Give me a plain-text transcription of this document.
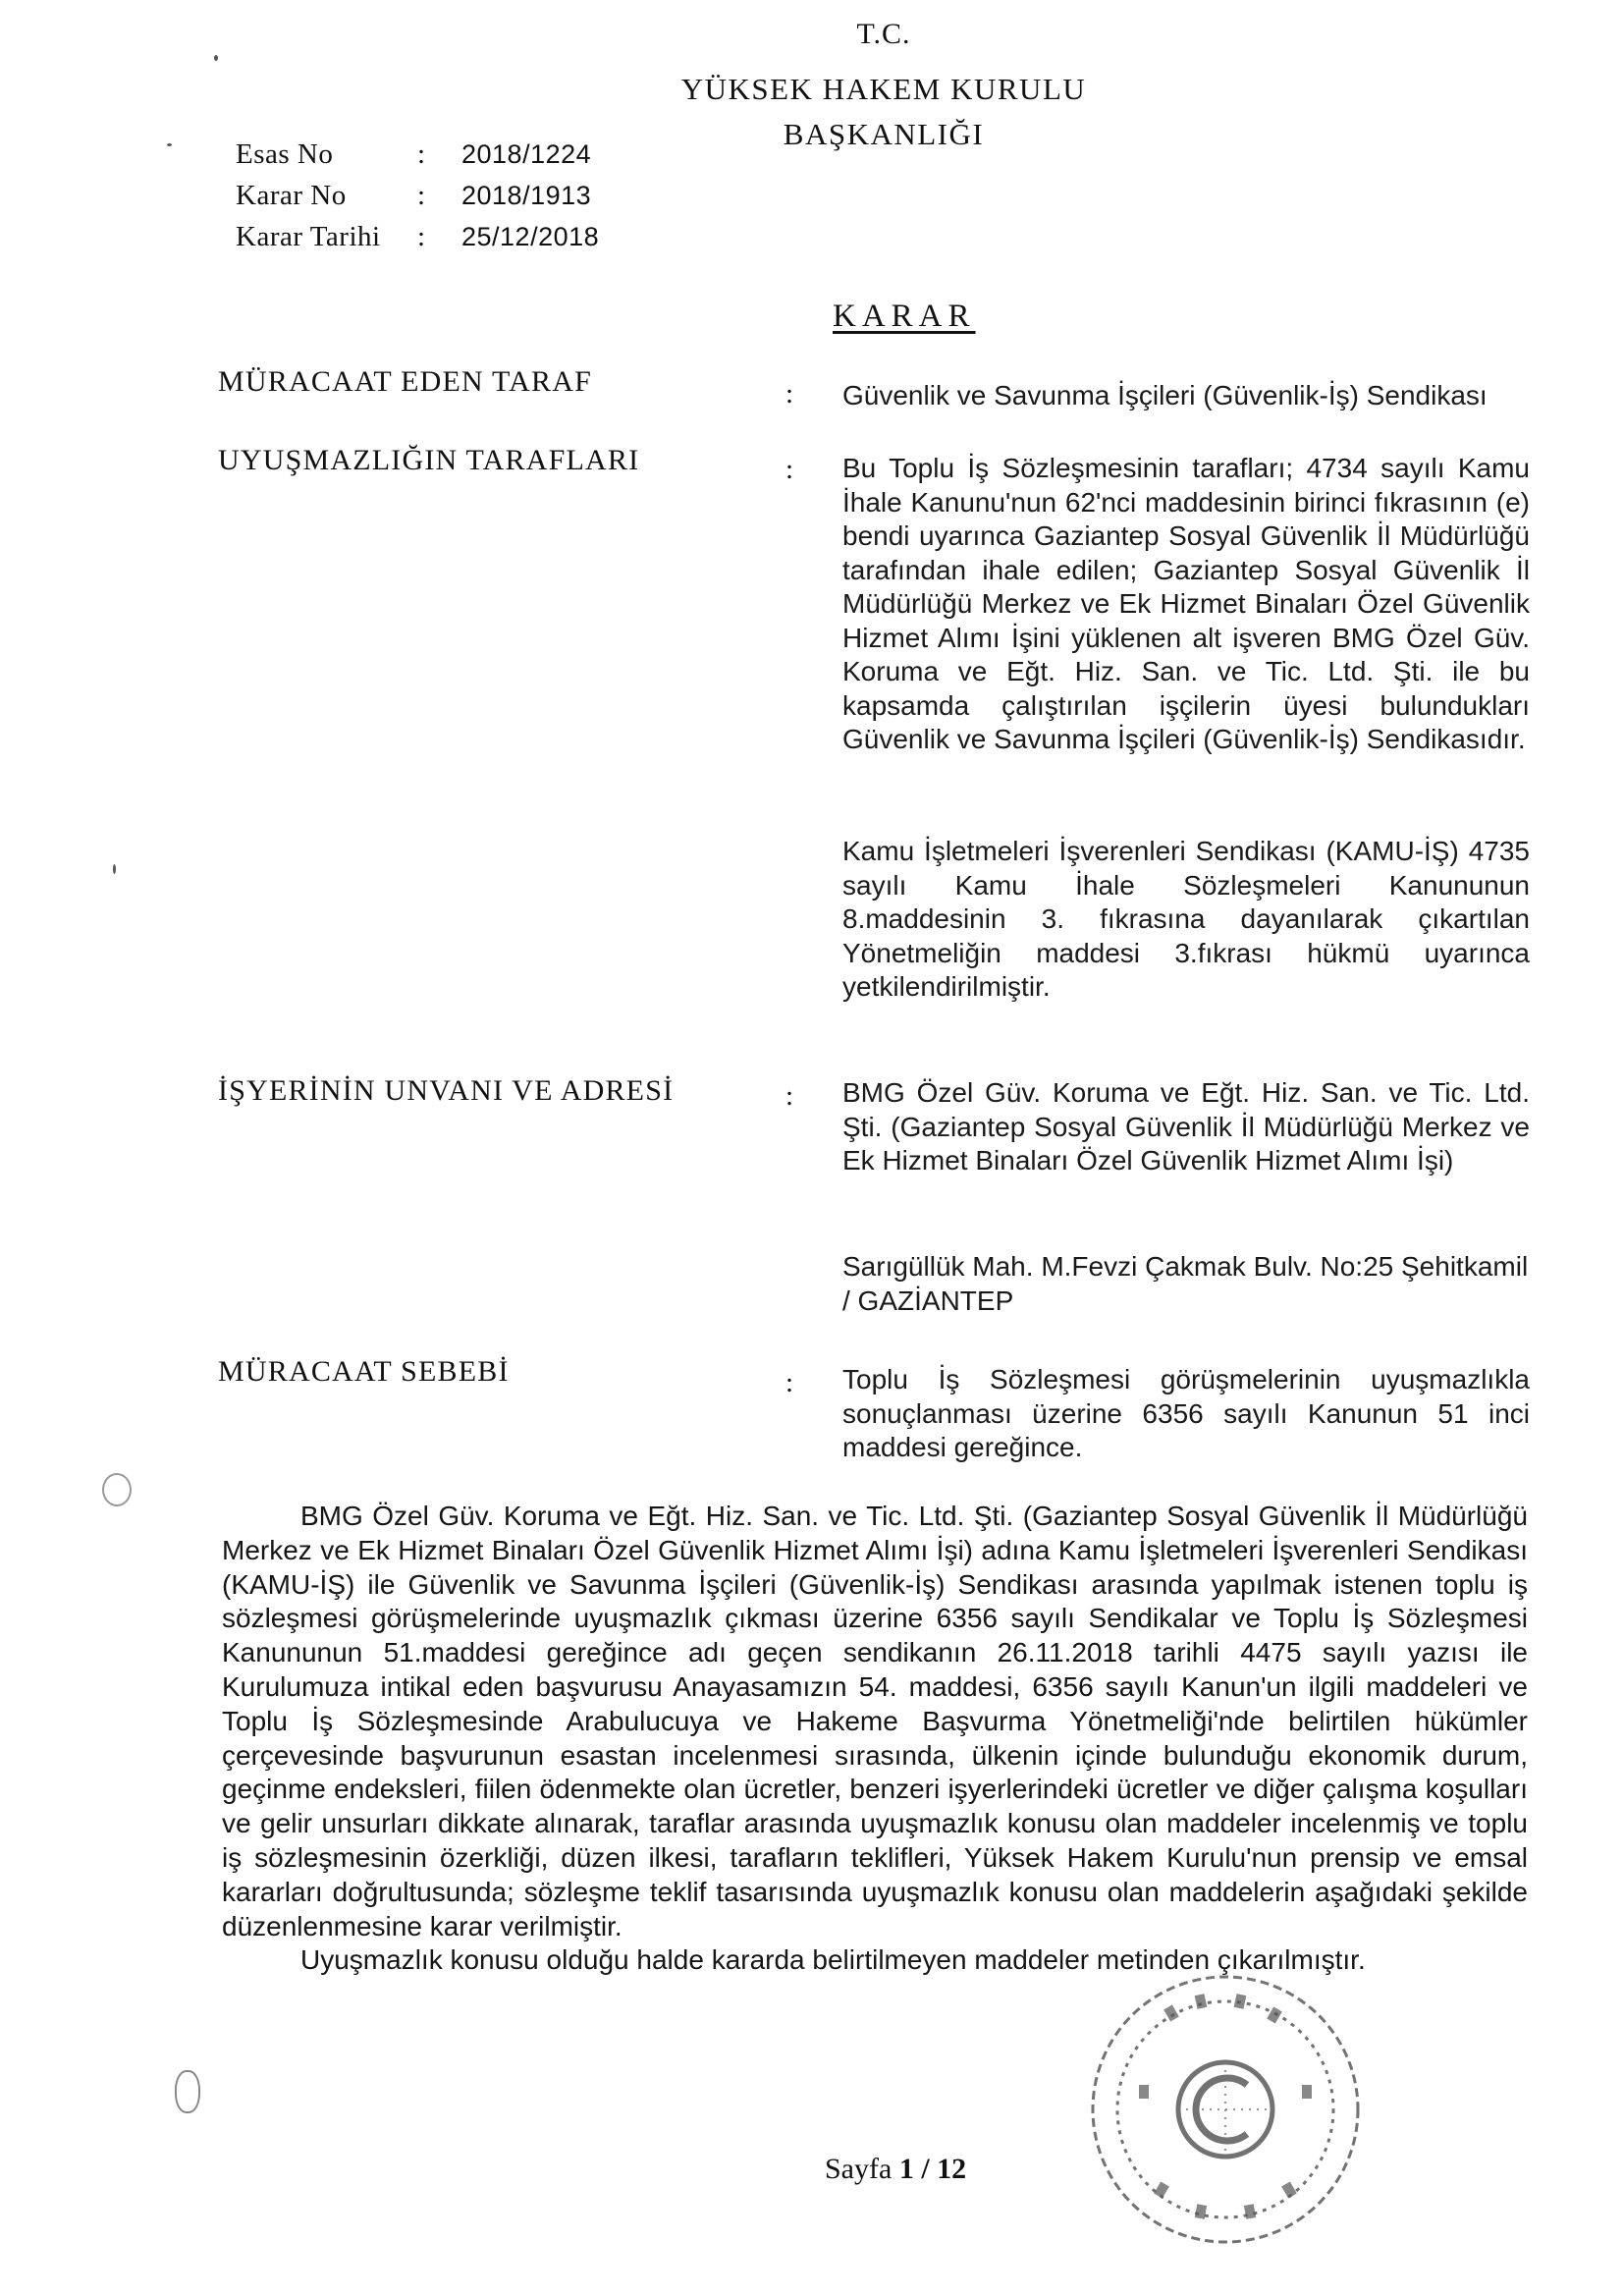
T.C.
YÜKSEK HAKEM KURULU
BAŞKANLIĞI
Esas No	:	2018/1224
Karar No	:	2018/1913
Karar Tarihi	:	25/12/2018
KARAR
MÜRACAAT EDEN TARAF	: Güvenlik ve Savunma İşçileri (Güvenlik-İş) Sendikası
UYUŞMAZLIĞIN TARAFLARI	: Bu Toplu İş Sözleşmesinin tarafları; 4734 sayılı Kamu İhale Kanunu'nun 62'nci maddesinin birinci fıkrasının (e) bendi uyarınca Gaziantep Sosyal Güvenlik İl Müdürlüğü tarafından ihale edilen; Gaziantep Sosyal Güvenlik İl Müdürlüğü Merkez ve Ek Hizmet Binaları Özel Güvenlik Hizmet Alımı İşini yüklenen alt işveren BMG Özel Güv. Koruma ve Eğt. Hiz. San. ve Tic. Ltd. Şti. ile bu kapsamda çalıştırılan işçilerin üyesi bulundukları Güvenlik ve Savunma İşçileri (Güvenlik-İş) Sendikasıdır.
Kamu İşletmeleri İşverenleri Sendikası (KAMU-İŞ) 4735 sayılı Kamu İhale Sözleşmeleri Kanununun 8.maddesinin 3. fıkrasına dayanılarak çıkartılan Yönetmeliğin maddesi 3.fıkrası hükmü uyarınca yetkilendirilmiştir.
İŞYERİNİN UNVANI VE ADRESİ	: BMG Özel Güv. Koruma ve Eğt. Hiz. San. ve Tic. Ltd. Şti. (Gaziantep Sosyal Güvenlik İl Müdürlüğü Merkez ve Ek Hizmet Binaları Özel Güvenlik Hizmet Alımı İşi)
Sarıgüllük Mah. M.Fevzi Çakmak Bulv. No:25 Şehitkamil / GAZİANTEP
MÜRACAAT SEBEBİ	: Toplu İş Sözleşmesi görüşmelerinin uyuşmazlıkla sonuçlanması üzerine 6356 sayılı Kanunun 51 inci maddesi gereğince.

BMG Özel Güv. Koruma ve Eğt. Hiz. San. ve Tic. Ltd. Şti. (Gaziantep Sosyal Güvenlik İl Müdürlüğü Merkez ve Ek Hizmet Binaları Özel Güvenlik Hizmet Alımı İşi) adına Kamu İşletmeleri İşverenleri Sendikası (KAMU-İŞ) ile Güvenlik ve Savunma İşçileri (Güvenlik-İş) Sendikası arasında yapılmak istenen toplu iş sözleşmesi görüşmelerinde uyuşmazlık çıkması üzerine 6356 sayılı Sendikalar ve Toplu İş Sözleşmesi Kanununun 51.maddesi gereğince adı geçen sendikanın 26.11.2018 tarihli 4475 sayılı yazısı ile Kurulumuza intikal eden başvurusu Anayasamızın 54. maddesi, 6356 sayılı Kanun'un ilgili maddeleri ve Toplu İş Sözleşmesinde Arabulucuya ve Hakeme Başvurma Yönetmeliği'nde belirtilen hükümler çerçevesinde başvurunun esastan incelenmesi sırasında, ülkenin içinde bulunduğu ekonomik durum, geçinme endeksleri, fiilen ödenmekte olan ücretler, benzeri işyerlerindeki ücretler ve diğer çalışma koşulları ve gelir unsurları dikkate alınarak, taraflar arasında uyuşmazlık konusu olan maddeler incelenmiş ve toplu iş sözleşmesinin özerkliği, düzen ilkesi, tarafların teklifleri, Yüksek Hakem Kurulu'nun prensip ve emsal kararları doğrultusunda; sözleşme teklif tasarısında uyuşmazlık konusu olan maddelerin aşağıdaki şekilde düzenlenmesine karar verilmiştir.

Uyuşmazlık konusu olduğu halde kararda belirtilmeyen maddeler metinden çıkarılmıştır.

Sayfa 1 / 12
